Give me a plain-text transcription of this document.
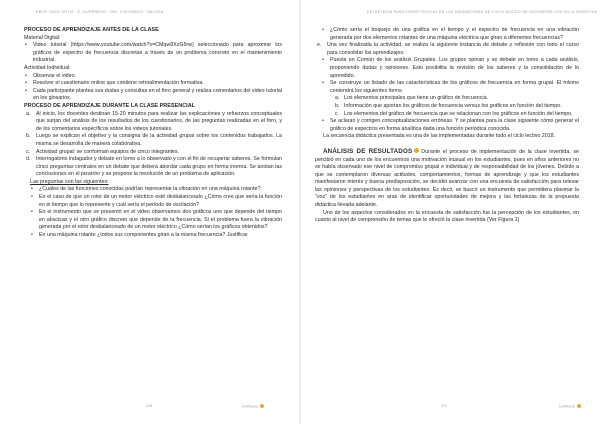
PROF. RAUL ORTIZ · E. GUERRERO · ING. COLORADO · NALOSA
PROCESO DE APRENDIZAJE ANTES DE LA CLASE

Material Digital:

• Video tutorial (https://www.youtube.com/watch?v=CMqw8XzG5rw) seleccionado para aproximar los gráficos de espectro de frecuencia discretas a través de un problema concreto en el mantenimiento industrial.

Actividad Individual:

• Observar el video.
• Resolver el cuestionario online que contiene retroalimentación formativa.
• Cada participante plantea sus dudas y consultas en el foro general y realiza comentarios del video tutorial en los glosarios.
PROCESO DE APRENDIZAJE DURANTE LA CLASE PRESENCIAL
a. Al inicio, los docentes destinan 15-20 minutos para realizar las explicaciones y refuerzos conceptuales que surjan del análisis de los resultados de los cuestionarios, de las preguntas realizadas en el foro, y de los comentarios específicos sobre los videos tutoriales.
b. Luego se explican el objetivo y la consigna de la actividad grupal sobre los contenidos trabajados. La misma se desarrolla de manera colaborativa.
c. Actividad grupal: se conforman equipos de cinco integrantes.
d. Interrogatorio indagador y debate en torno a lo observado y con el fin de recuperar saberes. Se formulan cinco preguntas centrales en un debate que deberá abordar cada grupo en forma interna. Se anotan las conclusiones en el pizarrón y se propone la resolución de un problema de aplicación.

Las preguntas son las siguientes:

• ¿Cuáles de las funciones conocidas podrían representar la vibración en una máquina rotante?
• En el caso de que un rotor de un motor eléctrico esté desbalanceado ¿Cómo cree que sería la función en el tiempo que lo represente y cuál sería el período de oscilación?
• En el instrumento que se presentó en el video observamos dos gráficos uno que depende del tiempo en abscisas y el otro gráfico discreto que depende de la frecuencia. Si el problema fuera la vibración generada por el rotor desbalanceado de un motor eléctrico ¿Cómo serían los gráficos obtenidos?
• En una máquina rotante ¿todos sus componentes giran a la misma frecuencia? Justificar
416	UniTecno
ESTRATEGIA PARA COMPETENCIAS EN LAS ASIGNATURAS DE CICLO BÁSICO DE INGENIERÍA CON AULA INVERTIDA
• ¿Cómo sería el boquejo de una gráfica en el tiempo y el espectro de frecuencia en una vibración generada por dos elementos rotantes de una máquina eléctrica que giran a diferentes frecuencias?
e. Una vez finalizada la actividad, se realiza la siguiente instancia de debate y reflexión con todo el curso para consolidar los aprendizajes.
• Puesta en Común de los análisis Grupales. Los grupos opinan y se debate en torno a cada análisis, proponiendo dudas y opiniones. Esto posibilita la revisión de los saberes y la consolidación de lo aprendido.
• Se construye un listado de las características de los gráficos de frecuencia en forma grupal. El mismo contendrá los siguientes ítems:
a. Los elementos principales que tiene un gráfico de frecuencia.
b. Información que aportan los gráficos de frecuencia versus los gráficos en función del tiempo.
c. Los elementos del gráfico de frecuencia que se relacionan con los gráficos en función del tiempo.
• Se aclaran y corrigen conceptualizaciones erróneas. Y se plantea para la clase siguiente cómo generar el gráfico de espectros en forma analítica dada una función periódica conocida.

La secuencia didáctica presentada es una de las implementadas durante todo el ciclo lectivo 2018.

ANÁLISIS DE RESULTADOS Durante el proceso de implementación de la clase invertida, se percibió en cada uno de los encuentros una motivación inusual en los estudiantes, pues en años anteriores no se había observado ese nivel de compromiso grupal e individual y de responsabilidad de los jóvenes. Debido a que se contemplaron diversas actitudes, comportamientos, formas de aprendizaje y que los estudiantes manifestaron interés y buena predisposición, se decidió avanzar con una encuesta de satisfacción para relevar las opiniones y perspectivas de los estudiantes. Es decir, se buscó un instrumento que permitiera plasmar la "voz" de los estudiantes en aras de identificar oportunidades de mejora y las fortalezas de la propuesta didáctica llevada adelante.

Uno de los aspectos considerados en la encuesta de satisfacción fue la percepción de los estudiantes, en cuanto al nivel de comprensión de temas que le ofreció la clase invertida (Ver Figura 1)

417	UniTecno
